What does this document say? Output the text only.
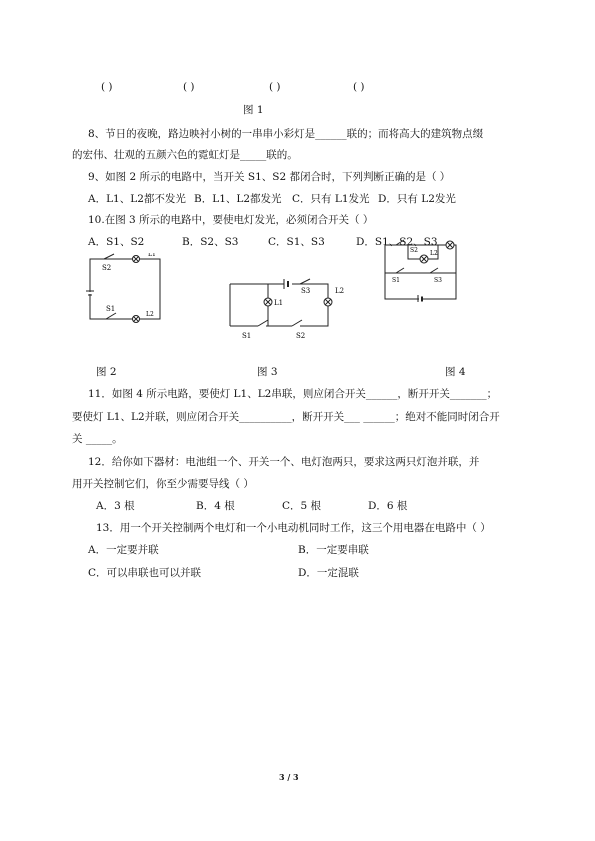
( )	( )	( )	( )
图 1
8、节日的夜晚，路边映衬小树的一串串小彩灯是______联的；而将高大的建筑物点缀
的宏伟、壮观的五颜六色的霓虹灯是_____联的。
9、如图 2 所示的电路中，当开关 S1、S2 都闭合时，下列判断正确的是（ ）
A．L1、L2都不发光 B．L1、L2都发光 C．只有 L1发光 D．只有 L2发光
10.在图 3 所示的电路中，要使电灯发光，必须闭合开关（ ）
A．S1、S2	B．S2、S3	C．S1、S3	D．S1、S2、S3
S2
L1
S1
L2
S3
L1
L2
S1	S2
S2 L2
S1	S3
图 2	图 3	图 4
11．如图 4 所示电路，要使灯 L1、L2串联，则应闭合开关______，断开开关_______；
要使灯 L1、L2并联，则应闭合开关__________，断开开关___ ______；绝对不能同时闭合开
关 _____。
12．给你如下器材：电池组一个、开关一个、电灯泡两只，要求这两只灯泡并联，并
用开关控制它们，你至少需要导线（ ）
A．3 根	B．4 根	C．5 根	D．6 根
13．用一个开关控制两个电灯和一个小电动机同时工作，这三个用电器在电路中（ ）
A．一定要并联	B．一定要串联
C．可以串联也可以并联	D．一定混联
3 / 3
